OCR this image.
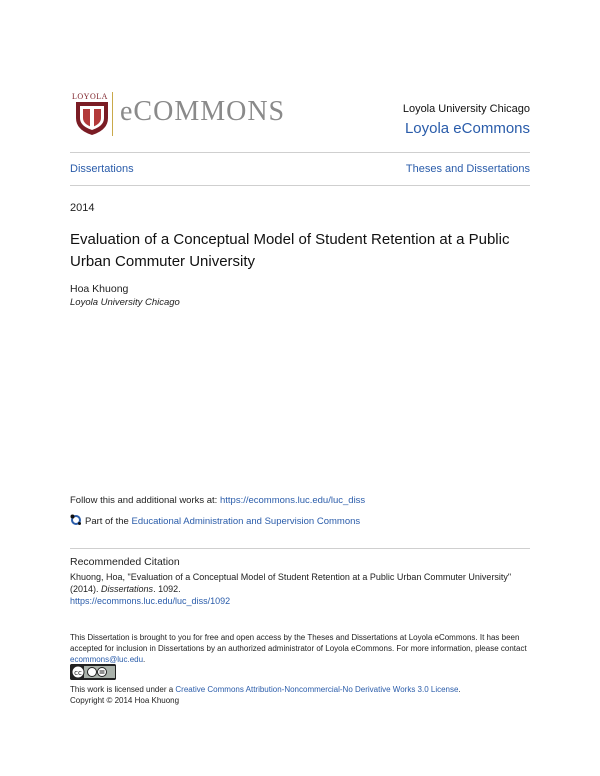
LOYOLA eCOMMONS	Loyola University Chicago
Loyola eCommons
Dissertations	Theses and Dissertations
2014
Evaluation of a Conceptual Model of Student Retention at a Public Urban Commuter University
Hoa Khuong
Loyola University Chicago
Follow this and additional works at: https://ecommons.luc.edu/luc_diss
Part of the Educational Administration and Supervision Commons
Recommended Citation
Khuong, Hoa, "Evaluation of a Conceptual Model of Student Retention at a Public Urban Commuter University" (2014). Dissertations. 1092.
https://ecommons.luc.edu/luc_diss/1092
This Dissertation is brought to you for free and open access by the Theses and Dissertations at Loyola eCommons. It has been accepted for inclusion in Dissertations by an authorized administrator of Loyola eCommons. For more information, please contact ecommons@luc.edu.
cc
This work is licensed under a Creative Commons Attribution-Noncommercial-No Derivative Works 3.0 License.
Copyright © 2014 Hoa Khuong
